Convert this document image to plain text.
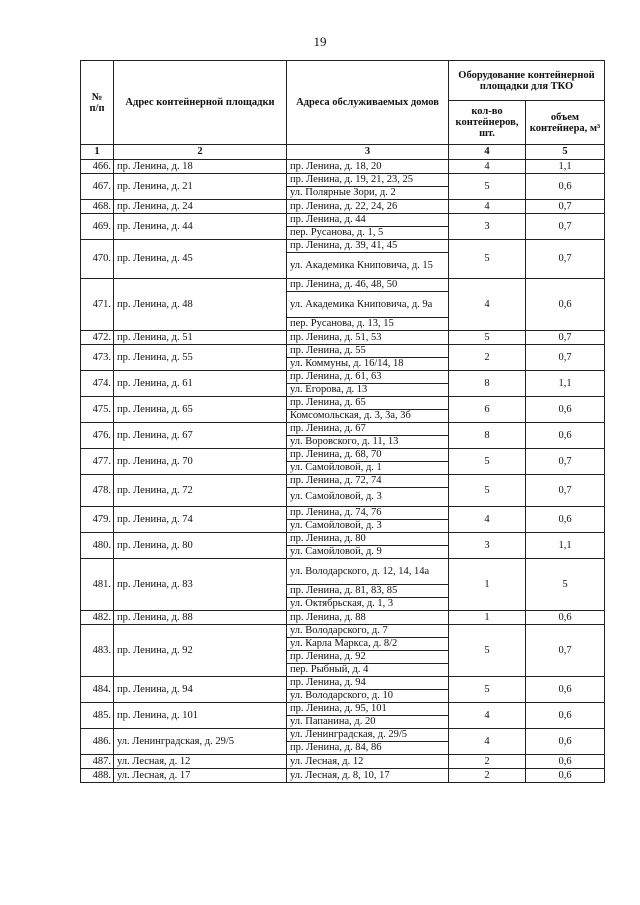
19
№
п/п	Адрес контейнерной площадки	Адреса обслуживаемых домов	Оборудование контейнерной площадки для ТКО	
			кол-во контейнеров, шт.	объем контейнера, м³
1	2	3	4	5
466.	пр. Ленина, д. 18	пр. Ленина, д. 18, 20	4	1,1
467.	пр. Ленина, д. 21	пр. Ленина, д. 19, 21, 23, 25	5	0,6
		ул. Полярные Зори, д. 2		
468.	пр. Ленина, д. 24	пр. Ленина, д. 22, 24, 26	4	0,7
469.	пр. Ленина, д. 44	пр. Ленина, д. 44	3	0,7
		пер. Русанова, д. 1, 5		
470.	пр. Ленина, д. 45	пр. Ленина, д. 39, 41, 45	5	0,7
		ул. Академика Книповича, д. 15		
471.	пр. Ленина, д. 48	пр. Ленина, д. 46, 48, 50	4	0,6
		ул. Академика Книповича, д. 9а		
		пер. Русанова, д. 13, 15		
472.	пр. Ленина, д. 51	пр. Ленина, д. 51, 53	5	0,7
473.	пр. Ленина, д. 55	пр. Ленина, д. 55	2	0,7
		ул. Коммуны, д. 16/14, 18		
474.	пр. Ленина, д. 61	пр. Ленина, д. 61, 63	8	1,1
		ул. Егорова, д. 13		
475.	пр. Ленина, д. 65	пр. Ленина, д. 65	6	0,6
		Комсомольская, д. 3, 3а, 3б		
476.	пр. Ленина, д. 67	пр. Ленина, д. 67	8	0,6
		ул. Воровского, д. 11, 13		
477.	пр. Ленина, д. 70	пр. Ленина, д. 68, 70	5	0,7
		ул. Самойловой, д. 1		
478.	пр. Ленина, д. 72	пр. Ленина, д. 72, 74	5	0,7
		ул. Самойловой, д. 3		
479.	пр. Ленина, д. 74	пр. Ленина, д. 74, 76	4	0,6
		ул. Самойловой, д. 3		
480.	пр. Ленина, д. 80	пр. Ленина, д. 80	3	1,1
		ул. Самойловой, д. 9		
481.	пр. Ленина, д. 83	ул. Володарского, д. 12, 14, 14а	1	5
		пр. Ленина, д. 81, 83, 85		
		ул. Октябрьская, д. 1, 3		
482.	пр. Ленина, д. 88	пр. Ленина, д. 88	1	0,6
483.	пр. Ленина, д. 92	ул. Володарского, д. 7	5	0,7
		ул. Карла Маркса, д. 8/2		
		пр. Ленина, д. 92		
		пер. Рыбный, д. 4		
484.	пр. Ленина, д. 94	пр. Ленина, д. 94	5	0,6
		ул. Володарского, д. 10		
485.	пр. Ленина, д. 101	пр. Ленина, д. 95, 101	4	0,6
		ул. Папанина, д. 20		
486.	ул. Ленинградская, д. 29/5	ул. Ленинградская, д. 29/5	4	0,6
		пр. Ленина, д. 84, 86		
487.	ул. Лесная, д. 12	ул. Лесная, д. 12	2	0,6
488.	ул. Лесная, д. 17	ул. Лесная, д. 8, 10, 17	2	0,6
